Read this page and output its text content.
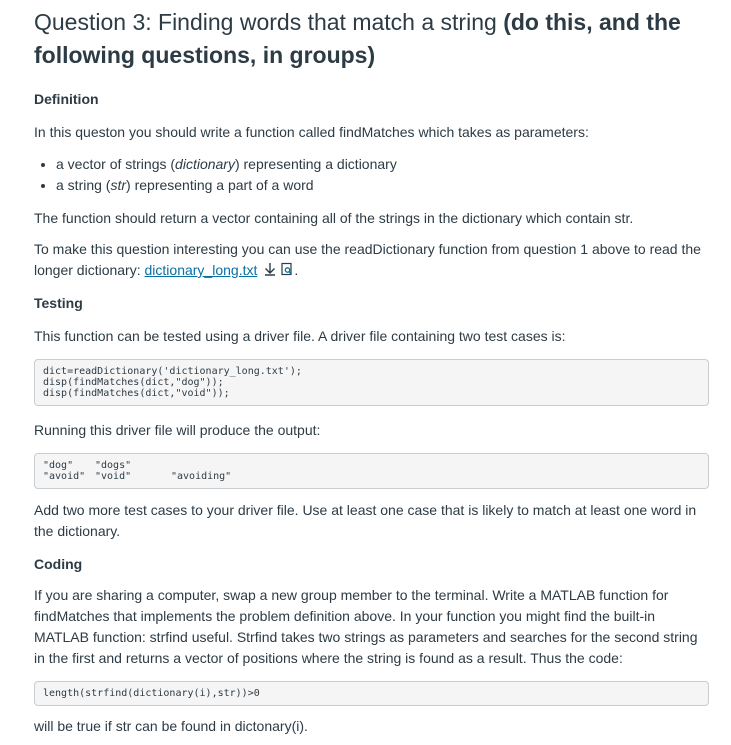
Question 3: Finding words that match a string (do this, and the following questions, in groups)
Definition

In this queston you should write a function called findMatches which takes as parameters:

• a vector of strings (dictionary) representing a dictionary
• a string (str) representing a part of a word

The function should return a vector containing all of the strings in the dictionary which contain str.

To make this question interesting you can use the readDictionary function from question 1 above to read the longer dictionary: dictionary_long.txt	.

Testing

This function can be tested using a driver file. A driver file containing two test cases is:

dict=readDictionary('dictionary_long.txt');
disp(findMatches(dict,"dog"));
disp(findMatches(dict,"void"));

Running this driver file will produce the output:

"dog" "dogs"
"avoid" "void"	"avoiding"

Add two more test cases to your driver file. Use at least one case that is likely to match at least one word in the dictionary.

Coding

If you are sharing a computer, swap a new group member to the terminal. Write a MATLAB function for findMatches that implements the problem definition above. In your function you might find the built-in MATLAB function: strfind useful. Strfind takes two strings as parameters and searches for the second string in the first and returns a vector of positions where the string is found as a result. Thus the code:

length(strfind(dictionary(i),str))>0

will be true if str can be found in dictonary(i).
